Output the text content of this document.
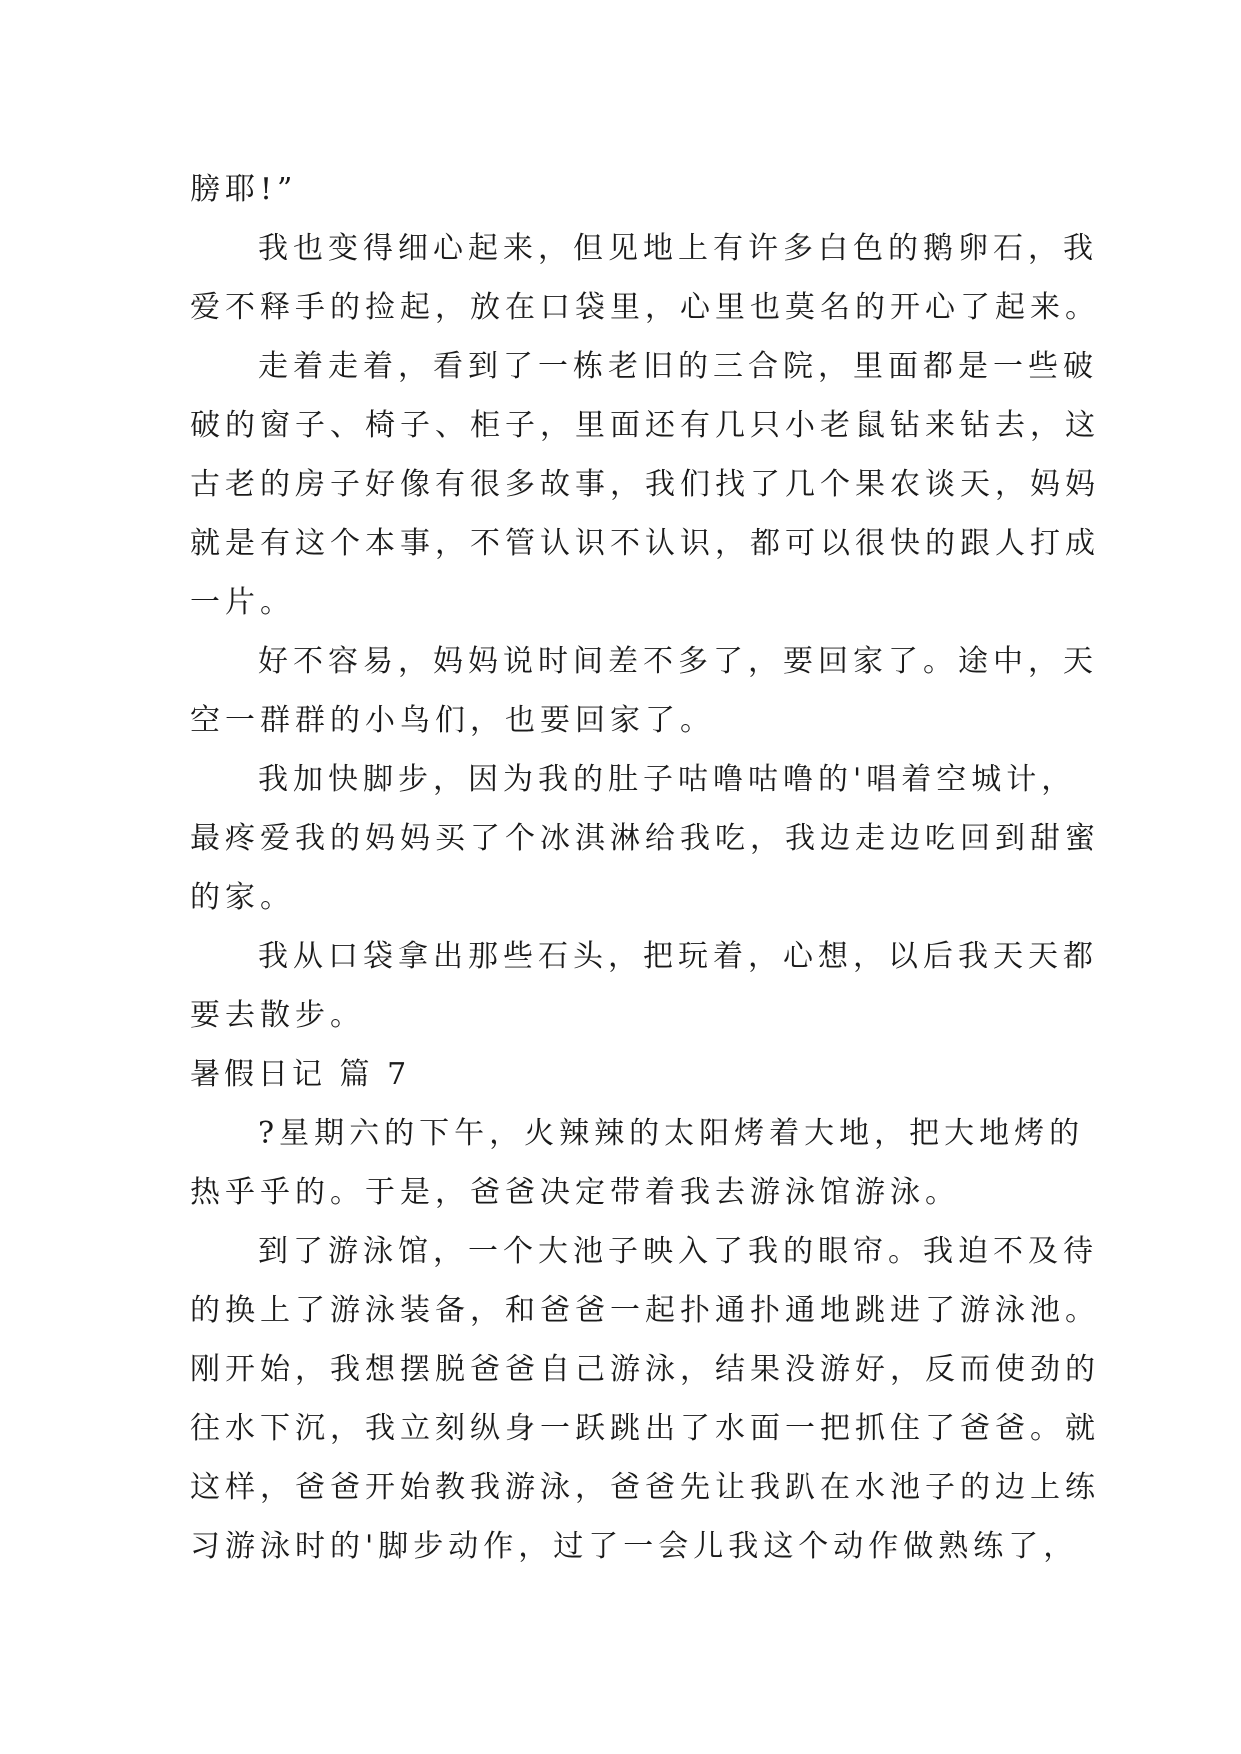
膀耶!”
我也变得细心起来，但见地上有许多白色的鹅卵石，我
爱不释手的捡起，放在口袋里，心里也莫名的开心了起来。
走着走着，看到了一栋老旧的三合院，里面都是一些破
破的窗子、椅子、柜子，里面还有几只小老鼠钻来钻去，这
古老的房子好像有很多故事，我们找了几个果农谈天，妈妈
就是有这个本事，不管认识不认识，都可以很快的跟人打成
一片。
好不容易，妈妈说时间差不多了，要回家了。途中，天
空一群群的小鸟们，也要回家了。
我加快脚步，因为我的肚子咕噜咕噜的'唱着空城计，
最疼爱我的妈妈买了个冰淇淋给我吃，我边走边吃回到甜蜜
的家。
我从口袋拿出那些石头，把玩着，心想，以后我天天都
要去散步。
暑假日记 篇 7
?星期六的下午，火辣辣的太阳烤着大地，把大地烤的
热乎乎的。于是，爸爸决定带着我去游泳馆游泳。
到了游泳馆，一个大池子映入了我的眼帘。我迫不及待
的换上了游泳装备，和爸爸一起扑通扑通地跳进了游泳池。
刚开始，我想摆脱爸爸自己游泳，结果没游好，反而使劲的
往水下沉，我立刻纵身一跃跳出了水面一把抓住了爸爸。就
这样，爸爸开始教我游泳，爸爸先让我趴在水池子的边上练
习游泳时的'脚步动作，过了一会儿我这个动作做熟练了，
